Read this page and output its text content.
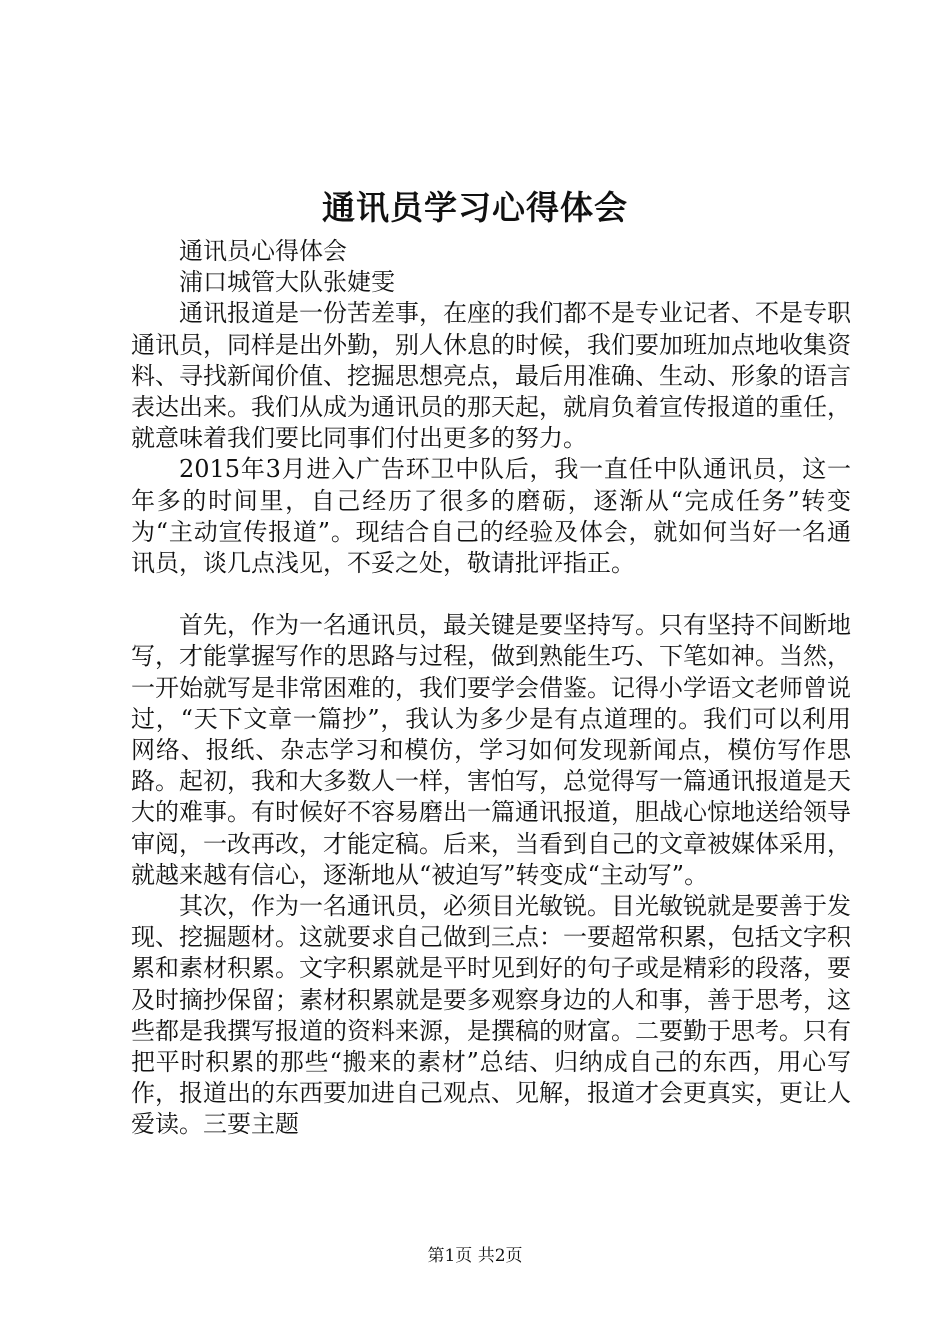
通讯员学习心得体会

通讯员心得体会

浦口城管大队张婕雯

通讯报道是一份苦差事，在座的我们都不是专业记者、不是专职通讯员，同样是出外勤，别人休息的时候，我们要加班加点地收集资料、寻找新闻价值、挖掘思想亮点，最后用准确、生动、形象的语言表达出来。我们从成为通讯员的那天起，就肩负着宣传报道的重任，就意味着我们要比同事们付出更多的努力。

2015年3月进入广告环卫中队后，我一直任中队通讯员，这一年多的时间里，自己经历了很多的磨砺，逐渐从“完成任务”转变为“主动宣传报道”。现结合自己的经验及体会，就如何当好一名通讯员，谈几点浅见，不妥之处，敬请批评指正。

首先，作为一名通讯员，最关键是要坚持写。只有坚持不间断地写，才能掌握写作的思路与过程，做到熟能生巧、下笔如神。当然，一开始就写是非常困难的，我们要学会借鉴。记得小学语文老师曾说过，“天下文章一篇抄”，我认为多少是有点道理的。我们可以利用网络、报纸、杂志学习和模仿，学习如何发现新闻点，模仿写作思路。起初，我和大多数人一样，害怕写，总觉得写一篇通讯报道是天大的难事。有时候好不容易磨出一篇通讯报道，胆战心惊地送给领导审阅，一改再改，才能定稿。后来，当看到自己的文章被媒体采用，就越来越有信心，逐渐地从“被迫写”转变成“主动写”。

其次，作为一名通讯员，必须目光敏锐。目光敏锐就是要善于发现、挖掘题材。这就要求自己做到三点：一要超常积累，包括文字积累和素材积累。文字积累就是平时见到好的句子或是精彩的段落，要及时摘抄保留；素材积累就是要多观察身边的人和事，善于思考，这些都是我撰写报道的资料来源，是撰稿的财富。二要勤于思考。只有把平时积累的那些“搬来的素材”总结、归纳成自己的东西，用心写作，报道出的东西要加进自己观点、见解，报道才会更真实，更让人爱读。三要主题

第1页 共2页
